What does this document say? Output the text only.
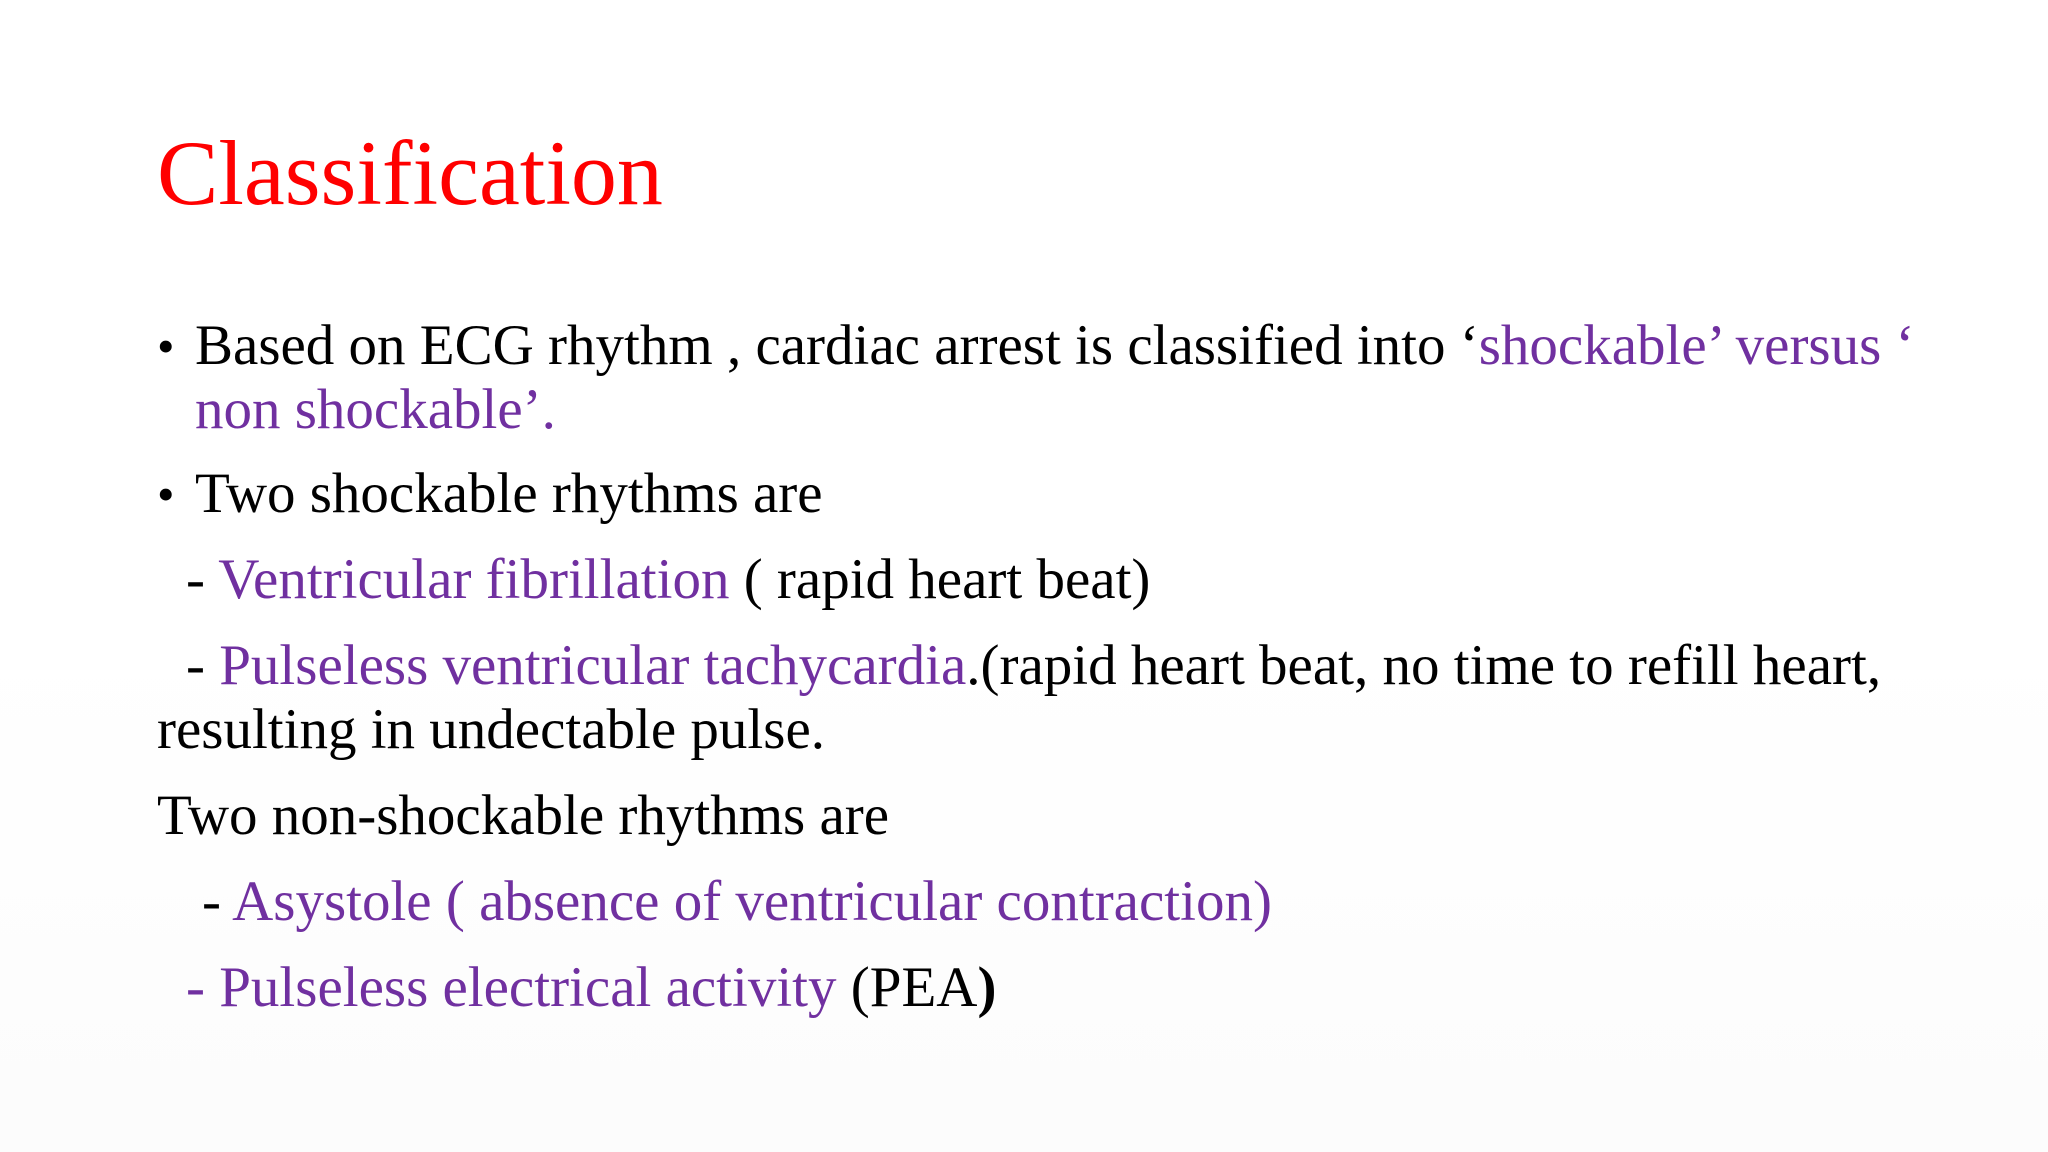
Classification
• Based on ECG rhythm , cardiac arrest is classified into ‘shockable’ versus ‘
non shockable’.
• Two shockable rhythms are
- Ventricular fibrillation ( rapid heart beat)
- Pulseless ventricular tachycardia.(rapid heart beat, no time to refill heart,
resulting in undectable pulse.
Two non-shockable rhythms are
- Asystole ( absence of ventricular contraction)
- Pulseless electrical activity (PEA)
